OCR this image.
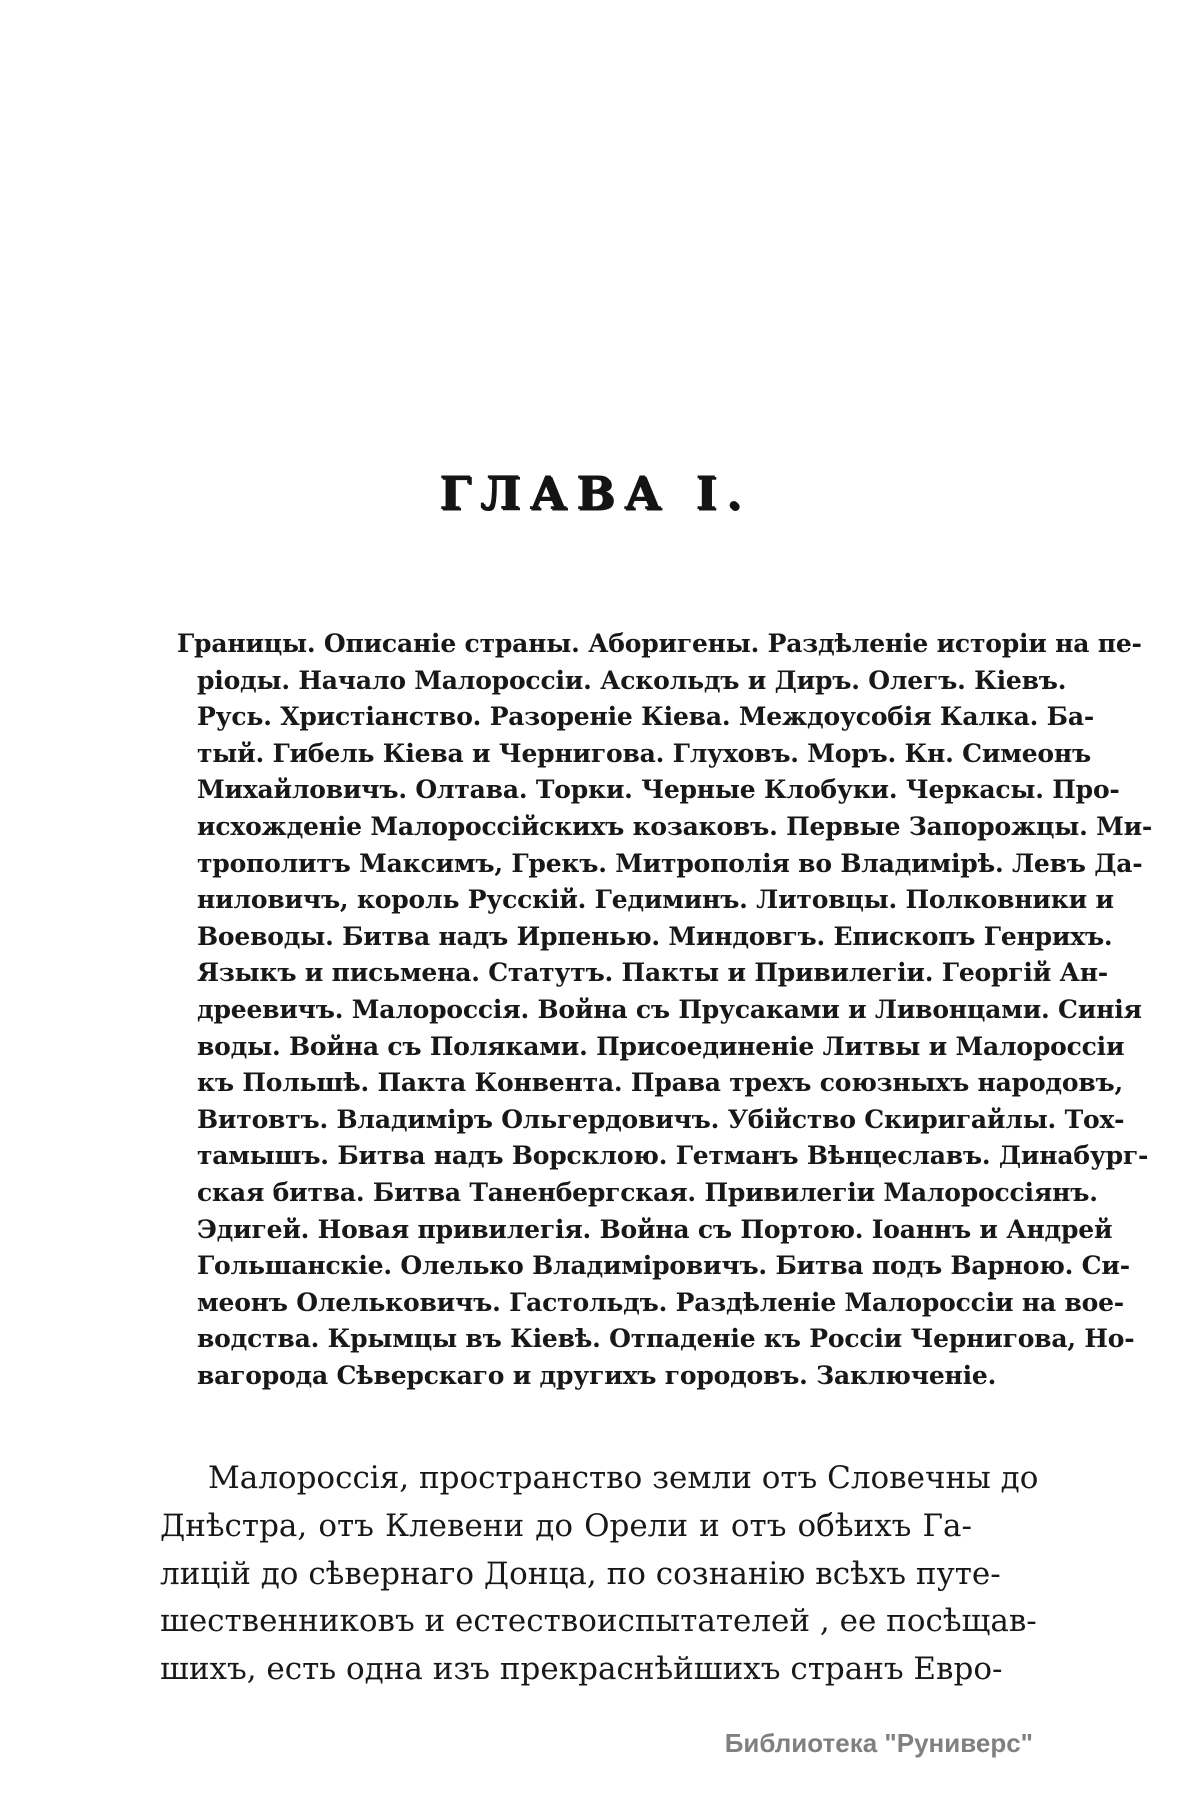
ГЛАВА I.
Границы. Описаніе страны. Аборигены. Раздѣленіе исторіи на пе-
ріоды. Начало Малороссіи. Аскольдъ и Диръ. Олегъ. Кіевъ.
Русь. Христіанство. Разореніе Кіева. Междоусобія Калка. Ба-
тый. Гибель Кіева и Чернигова. Глуховъ. Моръ. Кн. Симеонъ
Михайловичъ. Олтава. Торки. Черные Клобуки. Черкасы. Про-
исхожденіе Малороссійскихъ козаковъ. Первые Запорожцы. Ми-
трополитъ Максимъ, Грекъ. Митрополія во Владимірѣ. Левъ Да-
ниловичъ, король Русскій. Гедиминъ. Литовцы. Полковники и
Воеводы. Битва надъ Ирпенью. Миндовгъ. Епископъ Генрихъ.
Языкъ и письмена. Статутъ. Пакты и Привилегіи. Георгій Ан-
дреевичъ. Малороссія. Война съ Прусаками и Ливонцами. Синія
воды. Война съ Поляками. Присоединеніе Литвы и Малороссіи
къ Польшѣ. Пакта Конвента. Права трехъ союзныхъ народовъ,
Витовтъ. Владиміръ Ольгердовичъ. Убійство Скиригайлы. Тох-
тамышъ. Битва надъ Ворсклою. Гетманъ Вѣнцеславъ. Динабург-
ская битва. Битва Таненбергская. Привилегіи Малороссіянъ.
Эдигей. Новая привилегія. Война съ Портою. Іоаннъ и Андрей
Гольшанскіе. Олелько Владиміровичъ. Битва подъ Варною. Си-
меонъ Олельковичъ. Гастольдъ. Раздѣленіе Малороссіи на вое-
водства. Крымцы въ Кіевѣ. Отпаденіе къ Россіи Чернигова, Но-
вагорода Сѣверскаго и другихъ городовъ. Заключеніе.
Малороссія, пространство земли отъ Словечны до
Днѣстра, отъ Клевени до Орели и отъ обѣихъ Га-
лицій до сѣвернаго Донца, по сознанію всѣхъ путе-
шественниковъ и естествоиспытателей , ее посѣщав-
шихъ, есть одна изъ прекраснѣйшихъ странъ Евро-
Библиотека "Руниверс"
